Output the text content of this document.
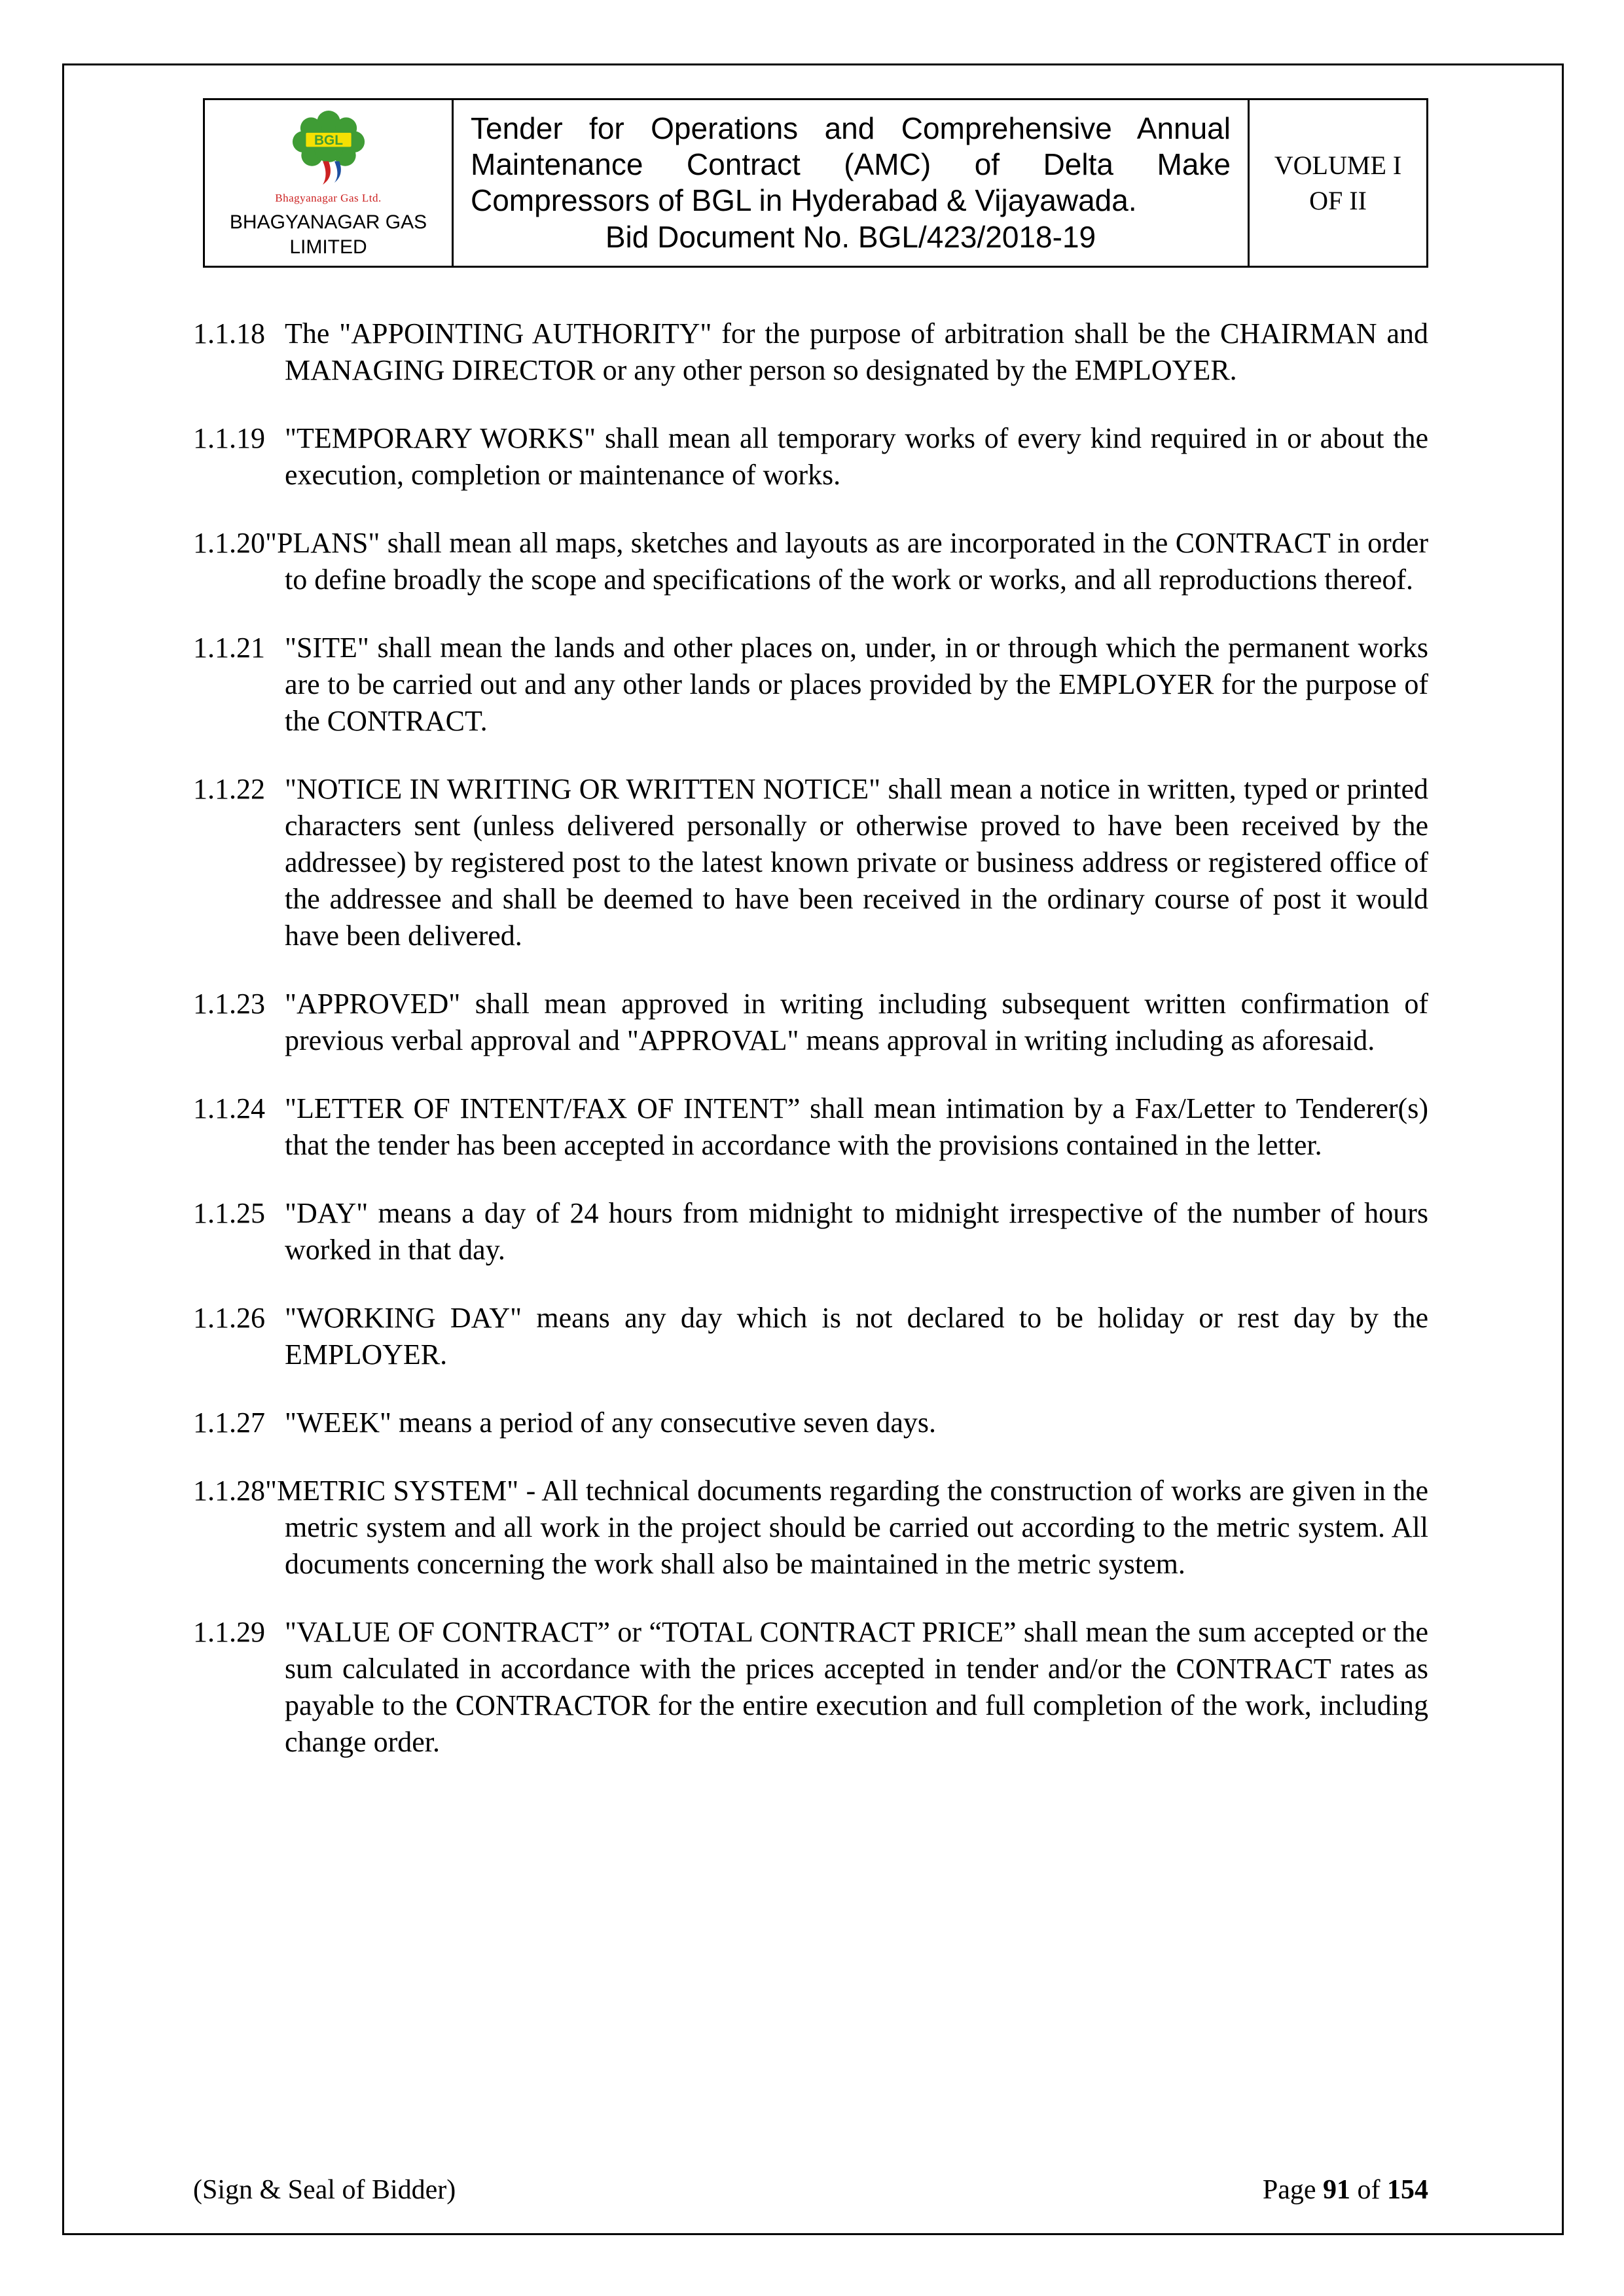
BGL
Bhagyanagar Gas Ltd.
BHAGYANAGAR GAS LIMITED
Tender for Operations and Comprehensive Annual Maintenance Contract (AMC) of Delta Make Compressors of BGL in Hyderabad & Vijayawada.
Bid Document No. BGL/423/2018-19
VOLUME I
OF II
1.1.18 The "APPOINTING AUTHORITY" for the purpose of arbitration shall be the CHAIRMAN and MANAGING DIRECTOR or any other person so designated by the EMPLOYER.
1.1.19 "TEMPORARY WORKS" shall mean all temporary works of every kind required in or about the execution, completion or maintenance of works.
1.1.20"PLANS" shall mean all maps, sketches and layouts as are incorporated in the CONTRACT in order to define broadly the scope and specifications of the work or works, and all reproductions thereof.
1.1.21 "SITE" shall mean the lands and other places on, under, in or through which the permanent works are to be carried out and any other lands or places provided by the EMPLOYER for the purpose of the CONTRACT.
1.1.22 "NOTICE IN WRITING OR WRITTEN NOTICE" shall mean a notice in written, typed or printed characters sent (unless delivered personally or otherwise proved to have been received by the addressee) by registered post to the latest known private or business address or registered office of the addressee and shall be deemed to have been received in the ordinary course of post it would have been delivered.
1.1.23 "APPROVED" shall mean approved in writing including subsequent written confirmation of previous verbal approval and "APPROVAL" means approval in writing including as aforesaid.
1.1.24 "LETTER OF INTENT/FAX OF INTENT” shall mean intimation by a Fax/Letter to Tenderer(s) that the tender has been accepted in accordance with the provisions contained in the letter.
1.1.25 "DAY" means a day of 24 hours from midnight to midnight irrespective of the number of hours worked in that day.
1.1.26 "WORKING DAY" means any day which is not declared to be holiday or rest day by the EMPLOYER.
1.1.27 "WEEK" means a period of any consecutive seven days.
1.1.28"METRIC SYSTEM" - All technical documents regarding the construction of works are given in the metric system and all work in the project should be carried out according to the metric system. All documents concerning the work shall also be maintained in the metric system.
1.1.29 "VALUE OF CONTRACT” or “TOTAL CONTRACT PRICE” shall mean the sum accepted or the sum calculated in accordance with the prices accepted in tender and/or the CONTRACT rates as payable to the CONTRACTOR for the entire execution and full completion of the work, including change order.
(Sign & Seal of Bidder)	Page 91 of 154
